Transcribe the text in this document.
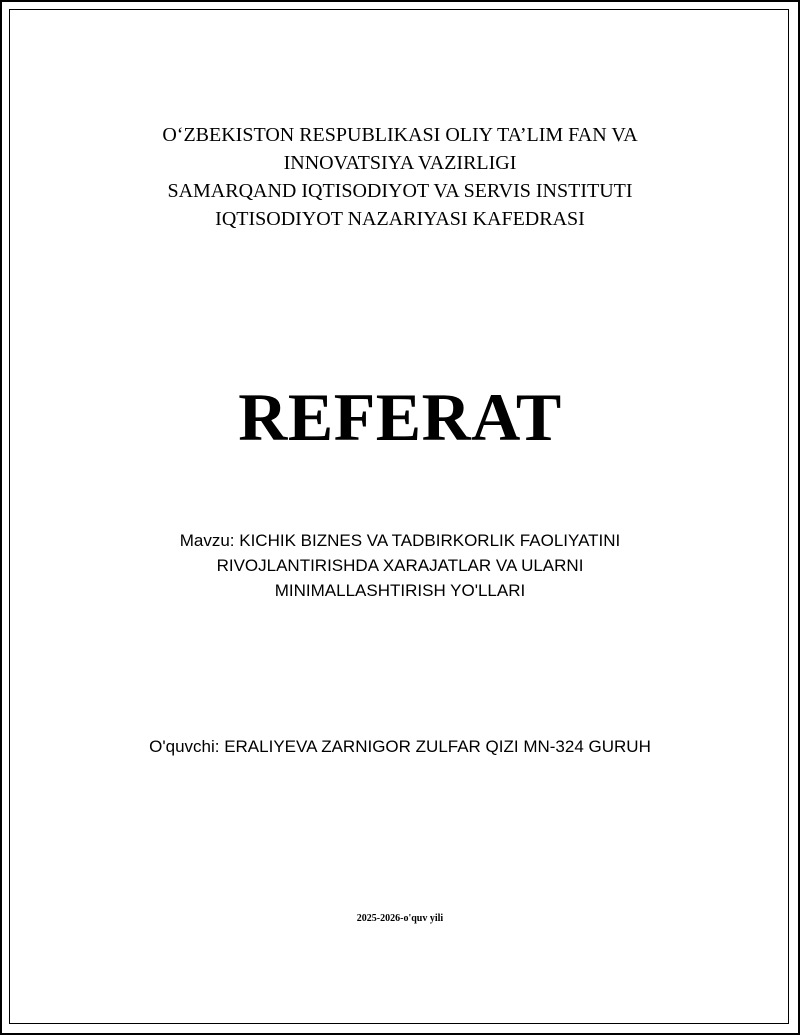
O‘ZBEKISTON RESPUBLIKASI OLIY TA’LIM FAN VA
INNOVATSIYA VAZIRLIGI
SAMARQAND IQTISODIYOT VA SERVIS INSTITUTI
IQTISODIYOT NAZARIYASI KAFEDRASI
REFERAT
Mavzu: KICHIK BIZNES VA TADBIRKORLIK FAOLIYATINI
RIVOJLANTIRISHDA XARAJATLAR VA ULARNI
MINIMALLASHTIRISH YO'LLARI
O'quvchi: ERALIYEVA ZARNIGOR ZULFAR QIZI MN-324 GURUH
2025-2026-o'quv yili
